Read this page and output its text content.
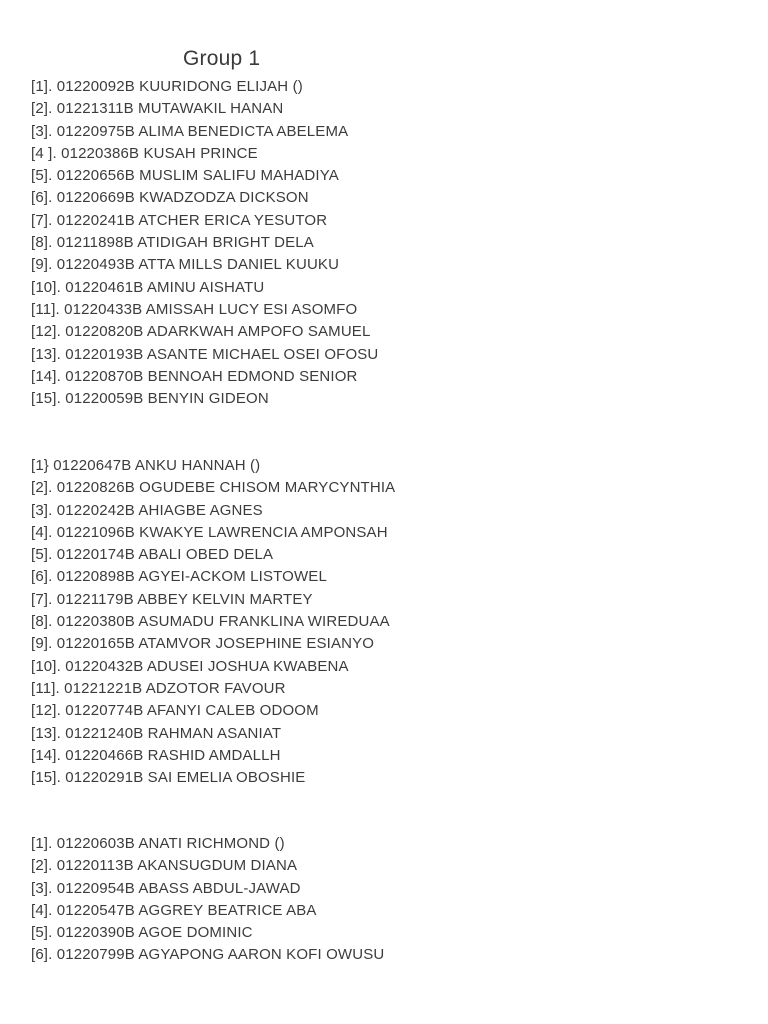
Group 1
[1]. 01220092B KUURIDONG ELIJAH ()
[2]. 01221311B MUTAWAKIL HANAN
[3]. 01220975B ALIMA BENEDICTA ABELEMA
[4 ]. 01220386B KUSAH PRINCE
[5]. 01220656B MUSLIM SALIFU MAHADIYA
[6]. 01220669B KWADZODZA DICKSON
[7]. 01220241B ATCHER ERICA YESUTOR
[8]. 01211898B ATIDIGAH BRIGHT DELA
[9]. 01220493B ATTA MILLS DANIEL KUUKU
[10]. 01220461B AMINU AISHATU
[11]. 01220433B AMISSAH LUCY ESI ASOMFO
[12]. 01220820B ADARKWAH AMPOFO SAMUEL
[13]. 01220193B ASANTE MICHAEL OSEI OFOSU
[14]. 01220870B BENNOAH EDMOND SENIOR
[15]. 01220059B BENYIN GIDEON
[1} 01220647B ANKU HANNAH ()
[2]. 01220826B OGUDEBE CHISOM MARYCYNTHIA
[3]. 01220242B AHIAGBE AGNES
[4]. 01221096B KWAKYE LAWRENCIA AMPONSAH
[5]. 01220174B ABALI OBED DELA
[6]. 01220898B AGYEI-ACKOM LISTOWEL
[7]. 01221179B ABBEY KELVIN MARTEY
[8]. 01220380B ASUMADU FRANKLINA WIREDUAA
[9]. 01220165B ATAMVOR JOSEPHINE ESIANYO
[10]. 01220432B ADUSEI JOSHUA KWABENA
[11]. 01221221B ADZOTOR FAVOUR
[12]. 01220774B AFANYI CALEB ODOOM
[13]. 01221240B RAHMAN ASANIAT
[14]. 01220466B RASHID AMDALLH
[15]. 01220291B SAI EMELIA OBOSHIE
[1]. 01220603B ANATI RICHMOND ()
[2]. 01220113B AKANSUGDUM DIANA
[3]. 01220954B ABASS ABDUL-JAWAD
[4]. 01220547B AGGREY BEATRICE ABA
[5]. 01220390B AGOE DOMINIC
[6]. 01220799B AGYAPONG AARON KOFI OWUSU
